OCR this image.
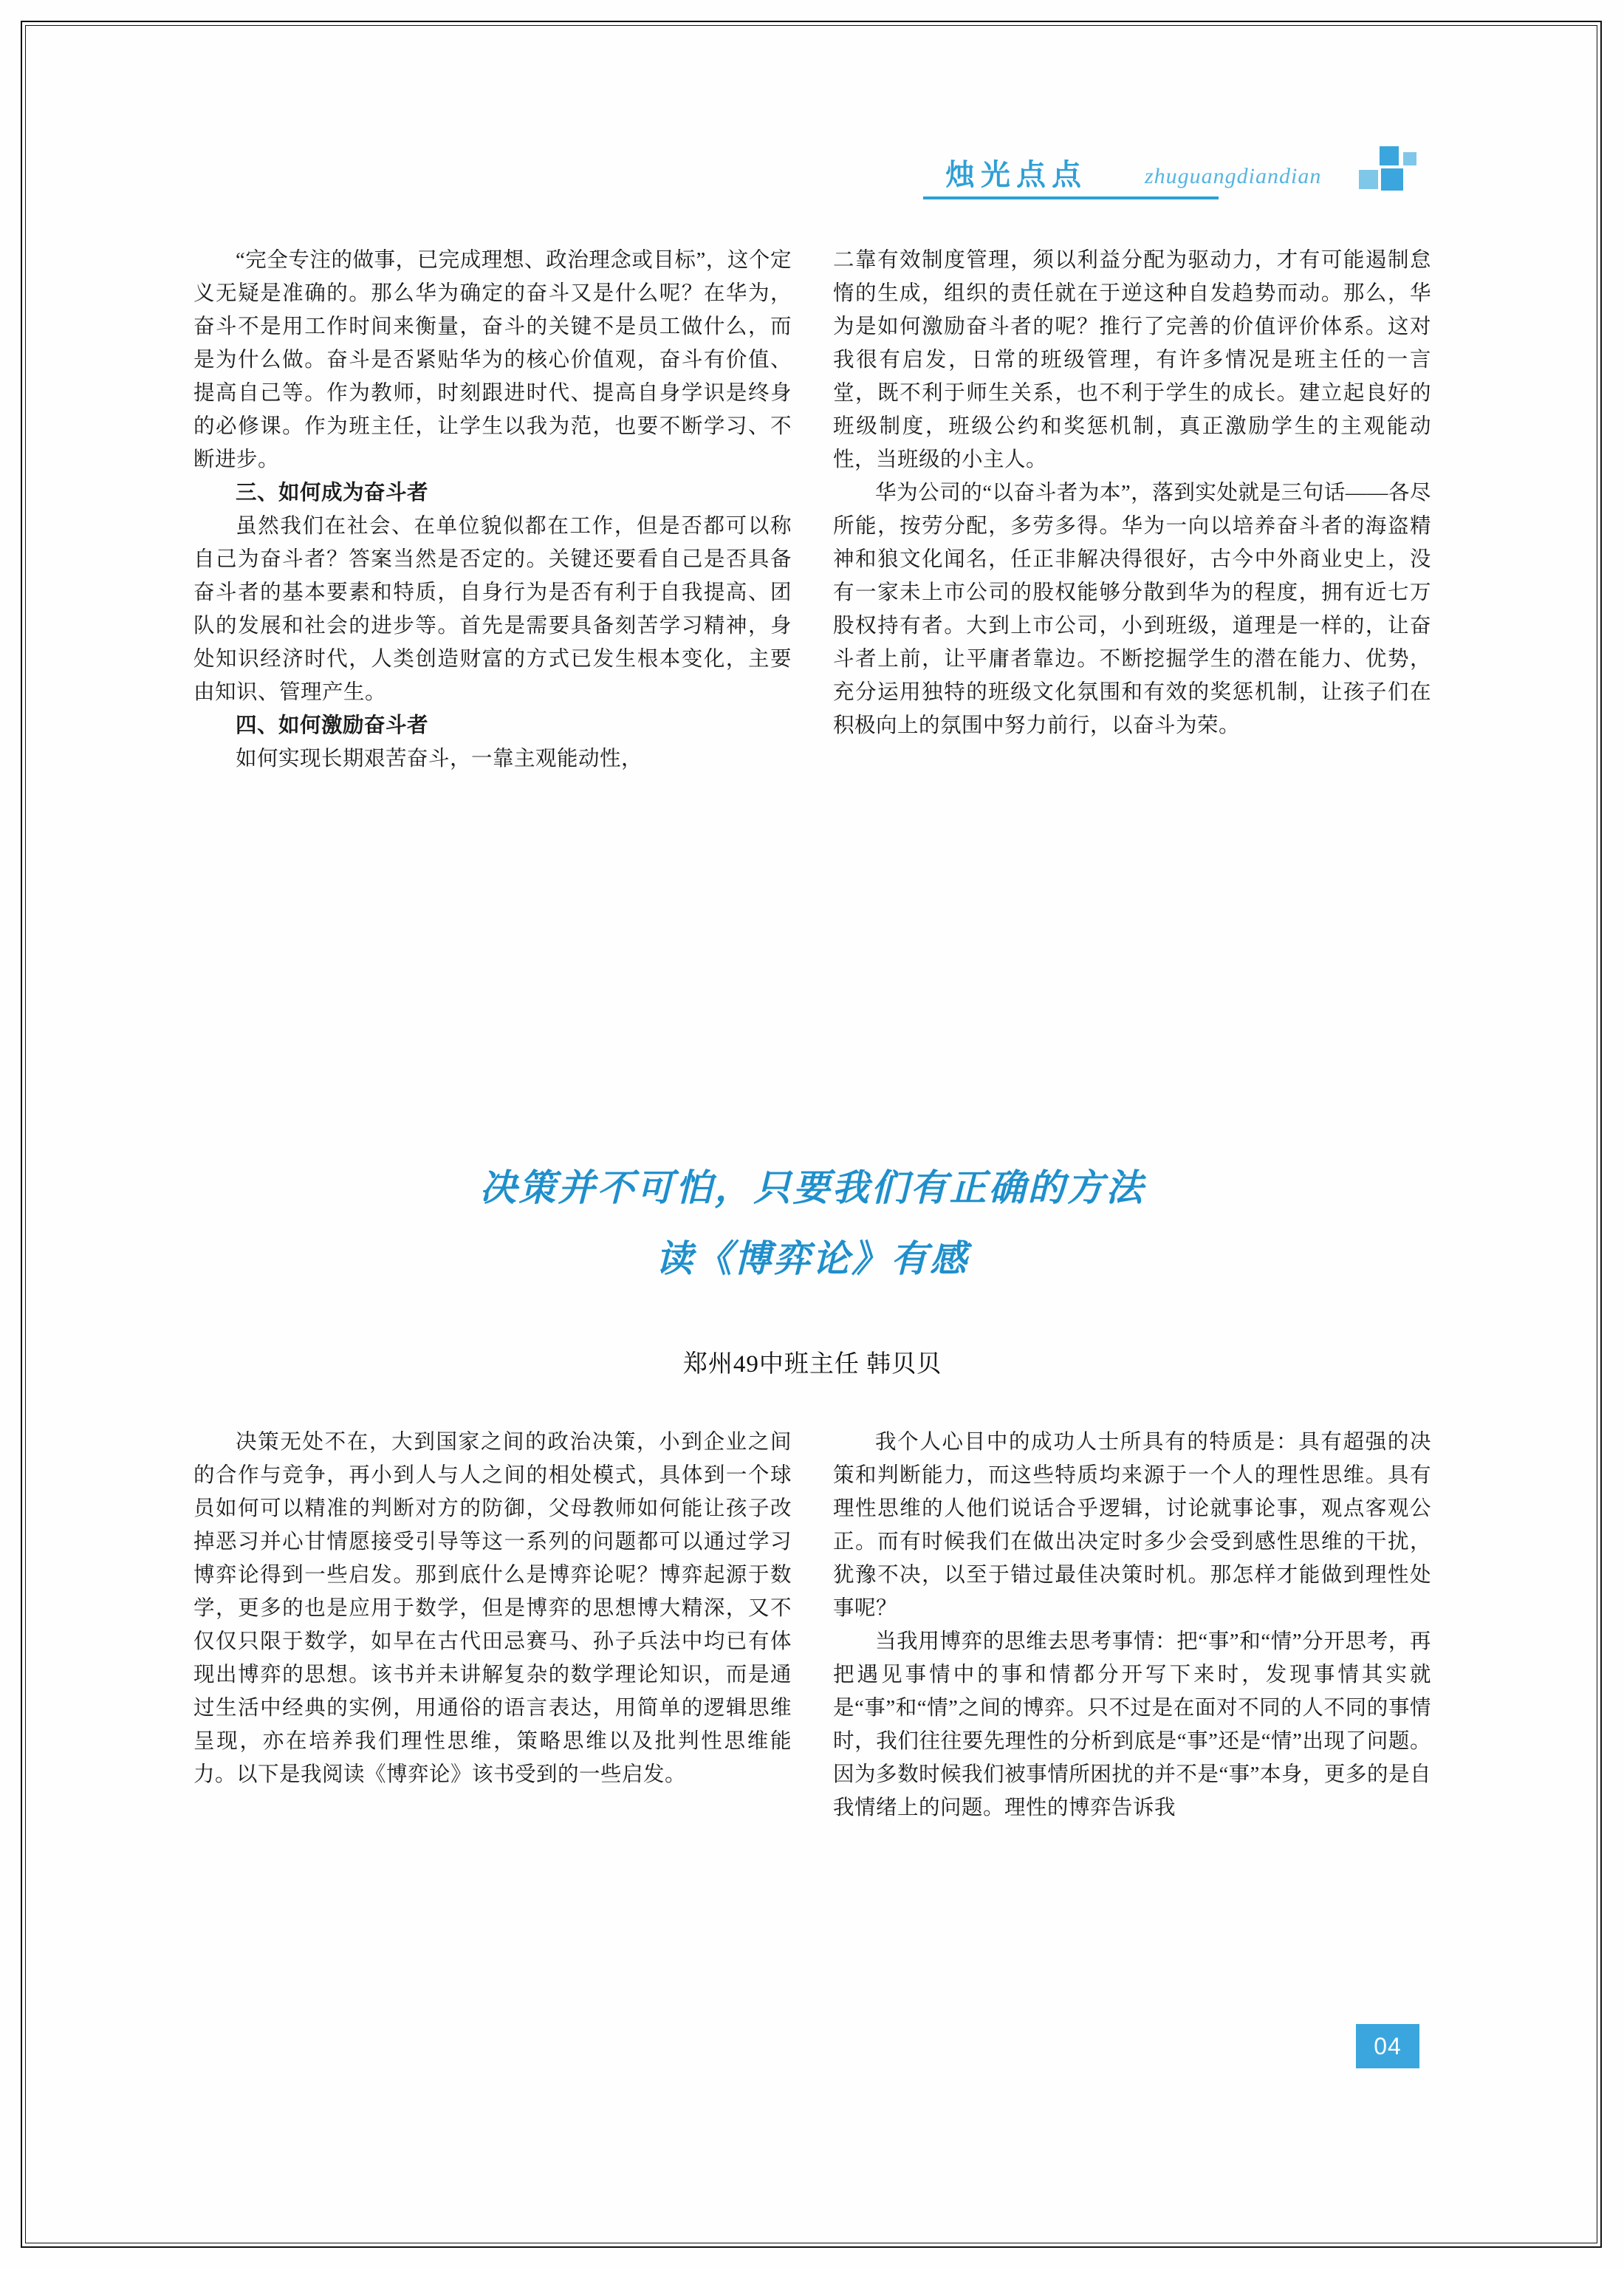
烛光点点	zhuguangdiandian

“完全专注的做事，已完成理想、政治理念或目标”，这个定义无疑是准确的。那么华为确定的奋斗又是什么呢？在华为，奋斗不是用工作时间来衡量，奋斗的关键不是员工做什么，而是为什么做。奋斗是否紧贴华为的核心价值观，奋斗有价值、提高自己等。作为教师，时刻跟进时代、提高自身学识是终身的必修课。作为班主任，让学生以我为范，也要不断学习、不断进步。

三、如何成为奋斗者

虽然我们在社会、在单位貌似都在工作，但是否都可以称自己为奋斗者？答案当然是否定的。关键还要看自己是否具备奋斗者的基本要素和特质，自身行为是否有利于自我提高、团队的发展和社会的进步等。首先是需要具备刻苦学习精神，身处知识经济时代，人类创造财富的方式已发生根本变化，主要由知识、管理产生。

四、如何激励奋斗者

如何实现长期艰苦奋斗，一靠主观能动性，

二靠有效制度管理，须以利益分配为驱动力，才有可能遏制怠惰的生成，组织的责任就在于逆这种自发趋势而动。那么，华为是如何激励奋斗者的呢？推行了完善的价值评价体系。这对我很有启发，日常的班级管理，有许多情况是班主任的一言堂，既不利于师生关系，也不利于学生的成长。建立起良好的班级制度，班级公约和奖惩机制，真正激励学生的主观能动性，当班级的小主人。

华为公司的“以奋斗者为本”，落到实处就是三句话——各尽所能，按劳分配，多劳多得。华为一向以培养奋斗者的海盗精神和狼文化闻名，任正非解决得很好，古今中外商业史上，没有一家未上市公司的股权能够分散到华为的程度，拥有近七万股权持有者。大到上市公司，小到班级，道理是一样的，让奋斗者上前，让平庸者靠边。不断挖掘学生的潜在能力、优势，充分运用独特的班级文化氛围和有效的奖惩机制，让孩子们在积极向上的氛围中努力前行，以奋斗为荣。

决策并不可怕，只要我们有正确的方法
读《博弈论》有感
郑州49中班主任 韩贝贝

决策无处不在，大到国家之间的政治决策，小到企业之间的合作与竞争，再小到人与人之间的相处模式，具体到一个球员如何可以精准的判断对方的防御，父母教师如何能让孩子改掉恶习并心甘情愿接受引导等这一系列的问题都可以通过学习博弈论得到一些启发。那到底什么是博弈论呢？博弈起源于数学，更多的也是应用于数学，但是博弈的思想博大精深，又不仅仅只限于数学，如早在古代田忌赛马、孙子兵法中均已有体现出博弈的思想。该书并未讲解复杂的数学理论知识，而是通过生活中经典的实例，用通俗的语言表达，用简单的逻辑思维呈现，亦在培养我们理性思维，策略思维以及批判性思维能力。以下是我阅读《博弈论》该书受到的一些启发。

我个人心目中的成功人士所具有的特质是：具有超强的决策和判断能力，而这些特质均来源于一个人的理性思维。具有理性思维的人他们说话合乎逻辑，讨论就事论事，观点客观公正。而有时候我们在做出决定时多少会受到感性思维的干扰，犹豫不决，以至于错过最佳决策时机。那怎样才能做到理性处事呢？

当我用博弈的思维去思考事情：把“事”和“情”分开思考，再把遇见事情中的事和情都分开写下来时，发现事情其实就是“事”和“情”之间的博弈。只不过是在面对不同的人不同的事情时，我们往往要先理性的分析到底是“事”还是“情”出现了问题。因为多数时候我们被事情所困扰的并不是“事”本身，更多的是自我情绪上的问题。理性的博弈告诉我

04
